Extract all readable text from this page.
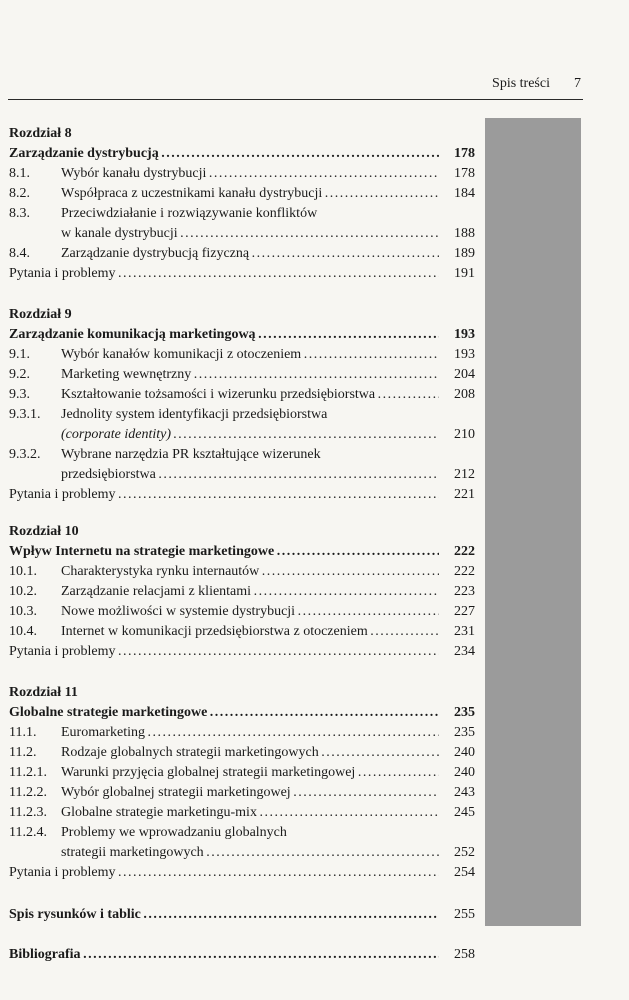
Spis treści 7
Rozdział 8
Zarządzanie dystrybucją . . .	178
8.1. Wybór kanału dystrybucji . . .	178
8.2. Współpraca z uczestnikami kanału dystrybucji . . .	184
8.3. Przeciwdziałanie i rozwiązywanie konfliktów
w kanale dystrybucji . . .	188
8.4. Zarządzanie dystrybucją fizyczną . . .	189
Pytania i problemy . . .	191
Rozdział 9
Zarządzanie komunikacją marketingową . . .	193
9.1. Wybór kanałów komunikacji z otoczeniem . . .	193
9.2. Marketing wewnętrzny . . .	204
9.3. Kształtowanie tożsamości i wizerunku przedsiębiorstwa . . .	208
9.3.1. Jednolity system identyfikacji przedsiębiorstwa
(corporate identity) . . .	210
9.3.2. Wybrane narzędzia PR kształtujące wizerunek
przedsiębiorstwa . . .	212
Pytania i problemy . . .	221
Rozdział 10
Wpływ Internetu na strategie marketingowe . . .	222
10.1. Charakterystyka rynku internautów . . .	222
10.2. Zarządzanie relacjami z klientami . . .	223
10.3. Nowe możliwości w systemie dystrybucji . . .	227
10.4. Internet w komunikacji przedsiębiorstwa z otoczeniem . . .	231
Pytania i problemy . . .	234
Rozdział 11
Globalne strategie marketingowe . . .	235
11.1. Euromarketing . . .	235
11.2. Rodzaje globalnych strategii marketingowych . . .	240
11.2.1. Warunki przyjęcia globalnej strategii marketingowej . . .	240
11.2.2. Wybór globalnej strategii marketingowej . . .	243
11.2.3. Globalne strategie marketingu-mix . . .	245
11.2.4. Problemy we wprowadzaniu globalnych
strategii marketingowych . . .	252
Pytania i problemy . . .	254
Spis rysunków i tablic . . .	255
Bibliografia . . .	258
